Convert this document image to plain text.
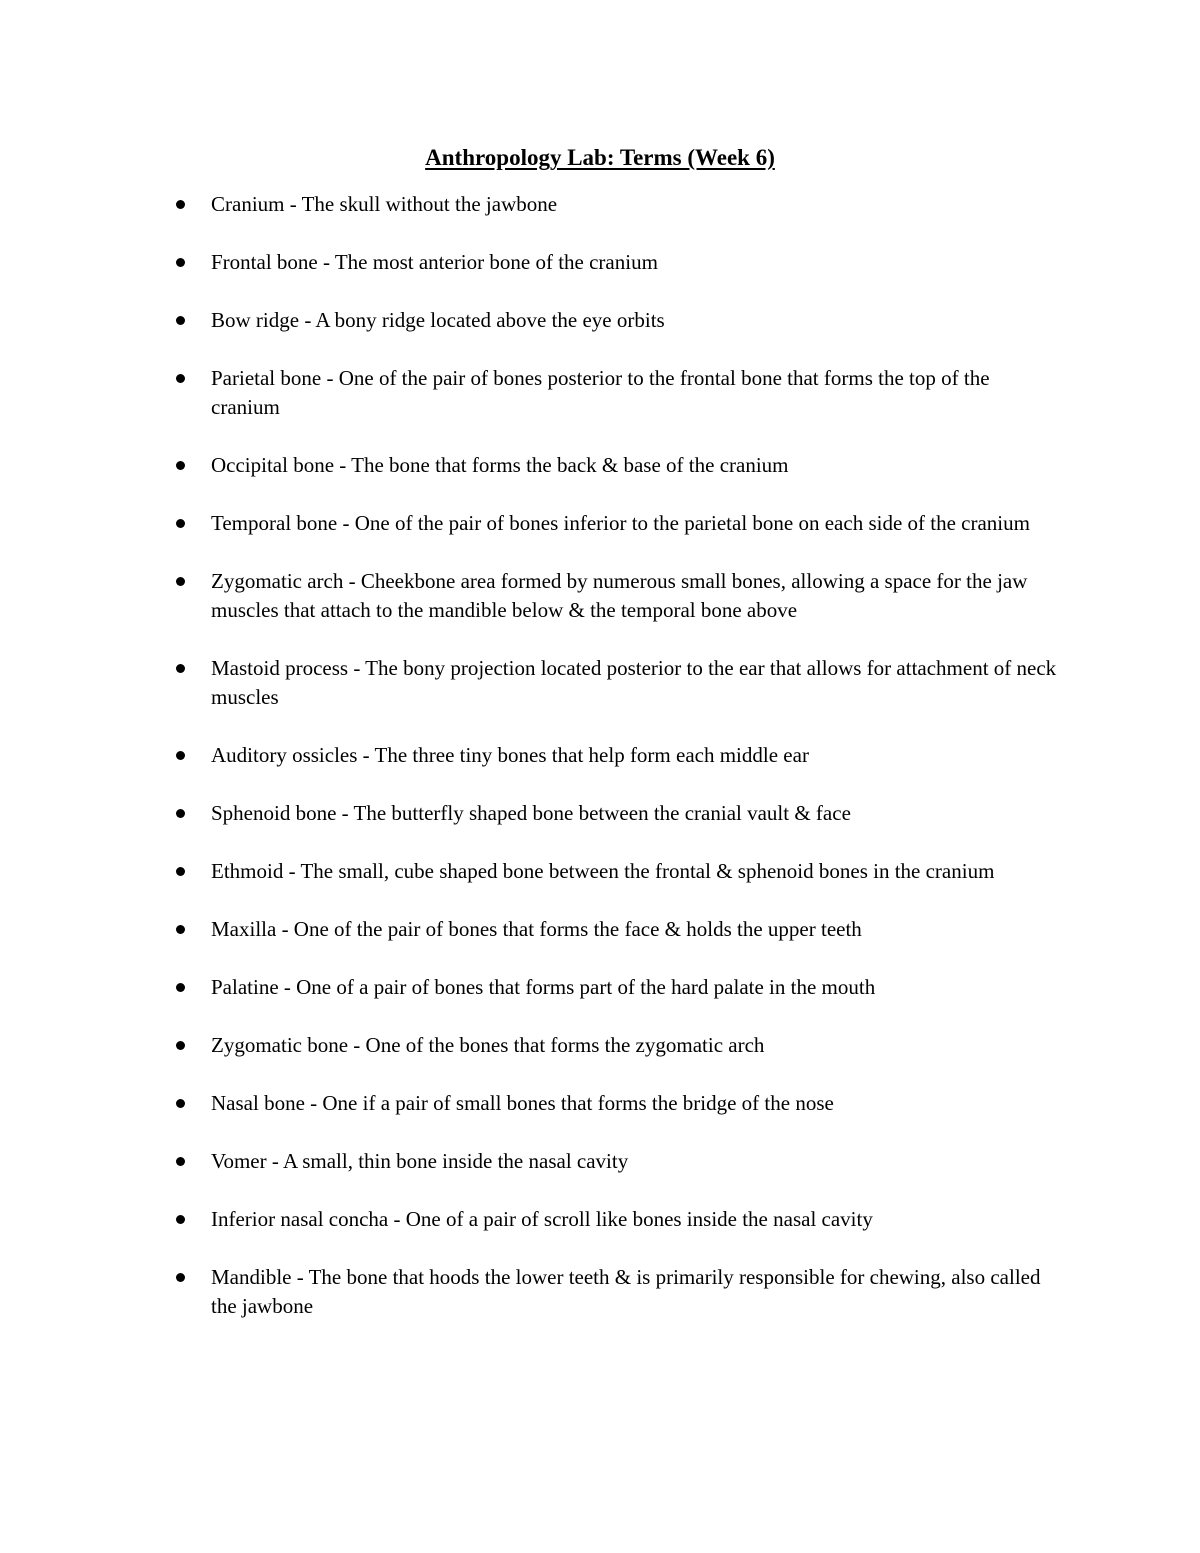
Anthropology Lab: Terms (Week 6)
Cranium - The skull without the jawbone
Frontal bone - The most anterior bone of the cranium
Bow ridge - A bony ridge located above the eye orbits
Parietal bone - One of the pair of bones posterior to the frontal bone that forms the top of the cranium
Occipital bone - The bone that forms the back & base of the cranium
Temporal bone - One of the pair of bones inferior to the parietal bone on each side of the cranium
Zygomatic arch - Cheekbone area formed by numerous small bones, allowing a space for the jaw muscles that attach to the mandible below & the temporal bone above
Mastoid process - The bony projection located posterior to the ear that allows for attachment of neck muscles
Auditory ossicles - The three tiny bones that help form each middle ear
Sphenoid bone - The butterfly shaped bone between the cranial vault & face
Ethmoid - The small, cube shaped bone between the frontal & sphenoid bones in the cranium
Maxilla - One of the pair of bones that forms the face & holds the upper teeth
Palatine - One of a pair of bones that forms part of the hard palate in the mouth
Zygomatic bone - One of the bones that forms the zygomatic arch
Nasal bone - One if a pair of small bones that forms the bridge of the nose
Vomer - A small, thin bone inside the nasal cavity
Inferior nasal concha - One of a pair of scroll like bones inside the nasal cavity
Mandible - The bone that hoods the lower teeth & is primarily responsible for chewing, also called the jawbone
